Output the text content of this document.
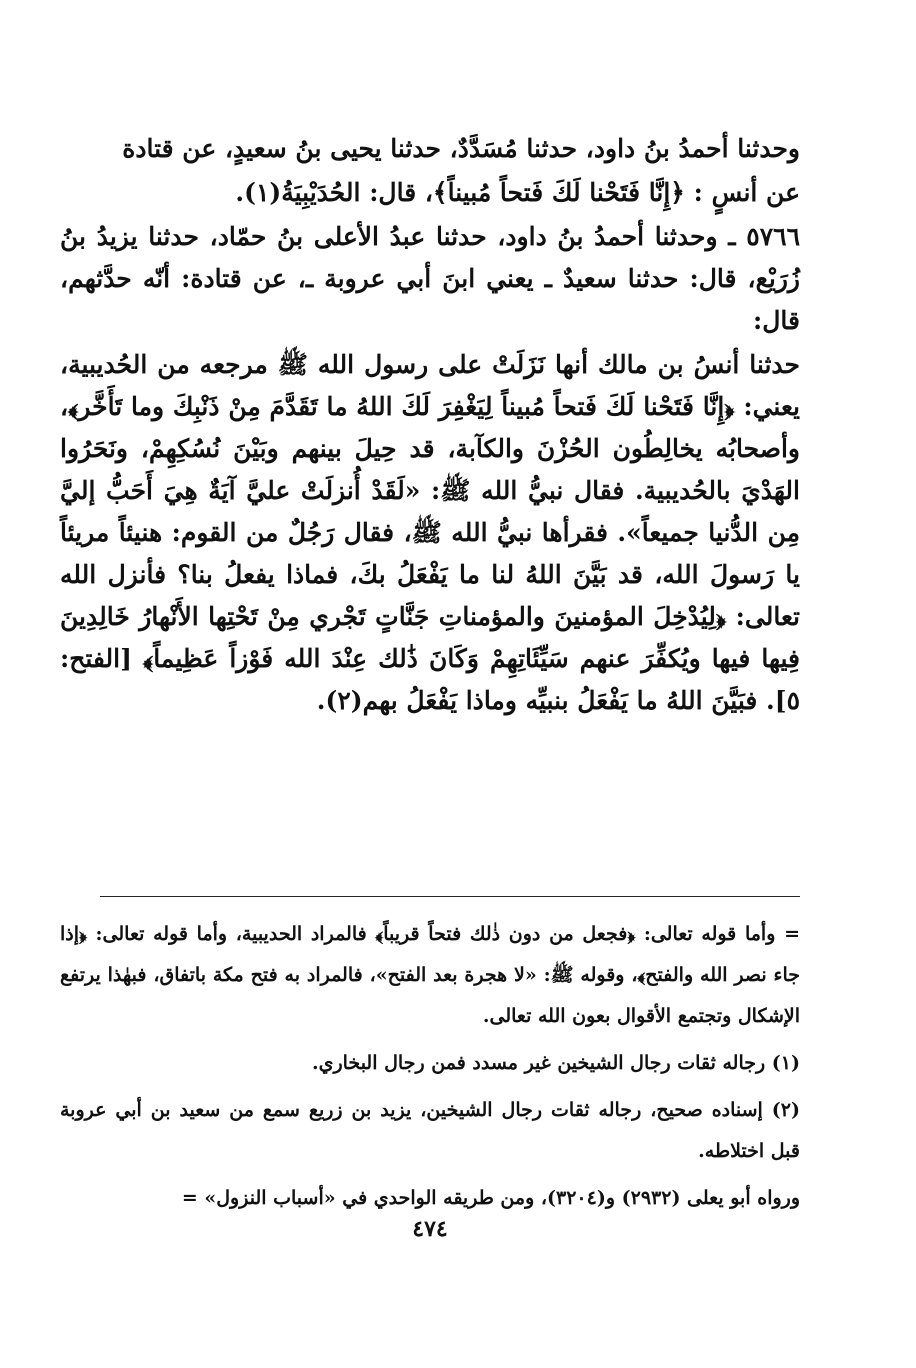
وحدثنا أحمدُ بنُ داود، حدثنا مُسَدَّدٌ، حدثنا يحيى بنُ سعيدٍ، عن قتادة

عن أنسٍ : ﴿إِنَّا فَتَحْنا لَكَ فَتحاً مُبيناً﴾، قال: الحُدَيْبِيَةُ(١).

٥٧٦٦ ـ وحدثنا أحمدُ بنُ داود، حدثنا عبدُ الأعلى بنُ حمّاد، حدثنا يزيدُ بنُ زُرَيْع، قال: حدثنا سعيدٌ ـ يعني ابنَ أبي عروبة ـ، عن قتادة: أنّه حدَّثهم، قال:

حدثنا أنسُ بن مالك أنها نَزَلَتْ على رسول الله ﷺ مرجعه من الحُديبية، يعني: ﴿إِنَّا فَتَحْنا لَكَ فَتحاً مُبيناً لِيَغْفِرَ لَكَ اللهُ ما تَقَدَّمَ مِنْ ذَنْبِكَ وما تَأَخَّر﴾، وأصحابُه يخالِطُون الحُزْنَ والكآبة، قد حِيلَ بينهم وبَيْنَ نُسُكِهِمْ، ونَحَرُوا الهَدْيَ بالحُديبية. فقال نبيُّ الله ﷺ: «لَقَدْ أُنزلَتْ عليَّ آيَةٌ هِيَ أَحَبُّ إليَّ مِن الدُّنيا جميعاً». فقرأها نبيُّ الله ﷺ، فقال رَجُلٌ من القوم: هنيئاً مريئاً يا رَسولَ الله، قد بَيَّنَ اللهُ لنا ما يَفْعَلُ بكَ، فماذا يفعلُ بنا؟ فأنزل الله تعالى: ﴿لِيُدْخِلَ المؤمنينَ والمؤمناتِ جَنَّاتٍ تَجْري مِنْ تَحْتِها الأَنْهارُ خَالِدِينَ فِيها فيها ويُكفِّرَ عنهم سَيِّئَاتِهِمْ وَكَانَ ذَٰلك عِنْدَ الله فَوْزاً عَظِيماً﴾ [الفتح: ٥]. فبَيَّنَ اللهُ ما يَفْعَلُ بنبيِّه وماذا يَفْعَلُ بهم(٢).

= وأما قوله تعالى: ﴿فجعل من دون ذٰلك فتحاً قريباً﴾ فالمراد الحديبية، وأما قوله تعالى: ﴿إذا جاء نصر الله والفتح﴾، وقوله ﷺ: «لا هجرة بعد الفتح»، فالمراد به فتح مكة باتفاق، فبهٰذا يرتفع الإشكال وتجتمع الأقوال بعون الله تعالى.

(١) رجاله ثقات رجال الشيخين غير مسدد فمن رجال البخاري.

(٢) إسناده صحيح، رجاله ثقات رجال الشيخين، يزيد بن زريع سمع من سعيد بن أبي عروبة قبل اختلاطه.

ورواه أبو يعلى (٢٩٣٢) و(٣٢٠٤)، ومن طريقه الواحدي في «أسباب النزول» =

٤٧٤
